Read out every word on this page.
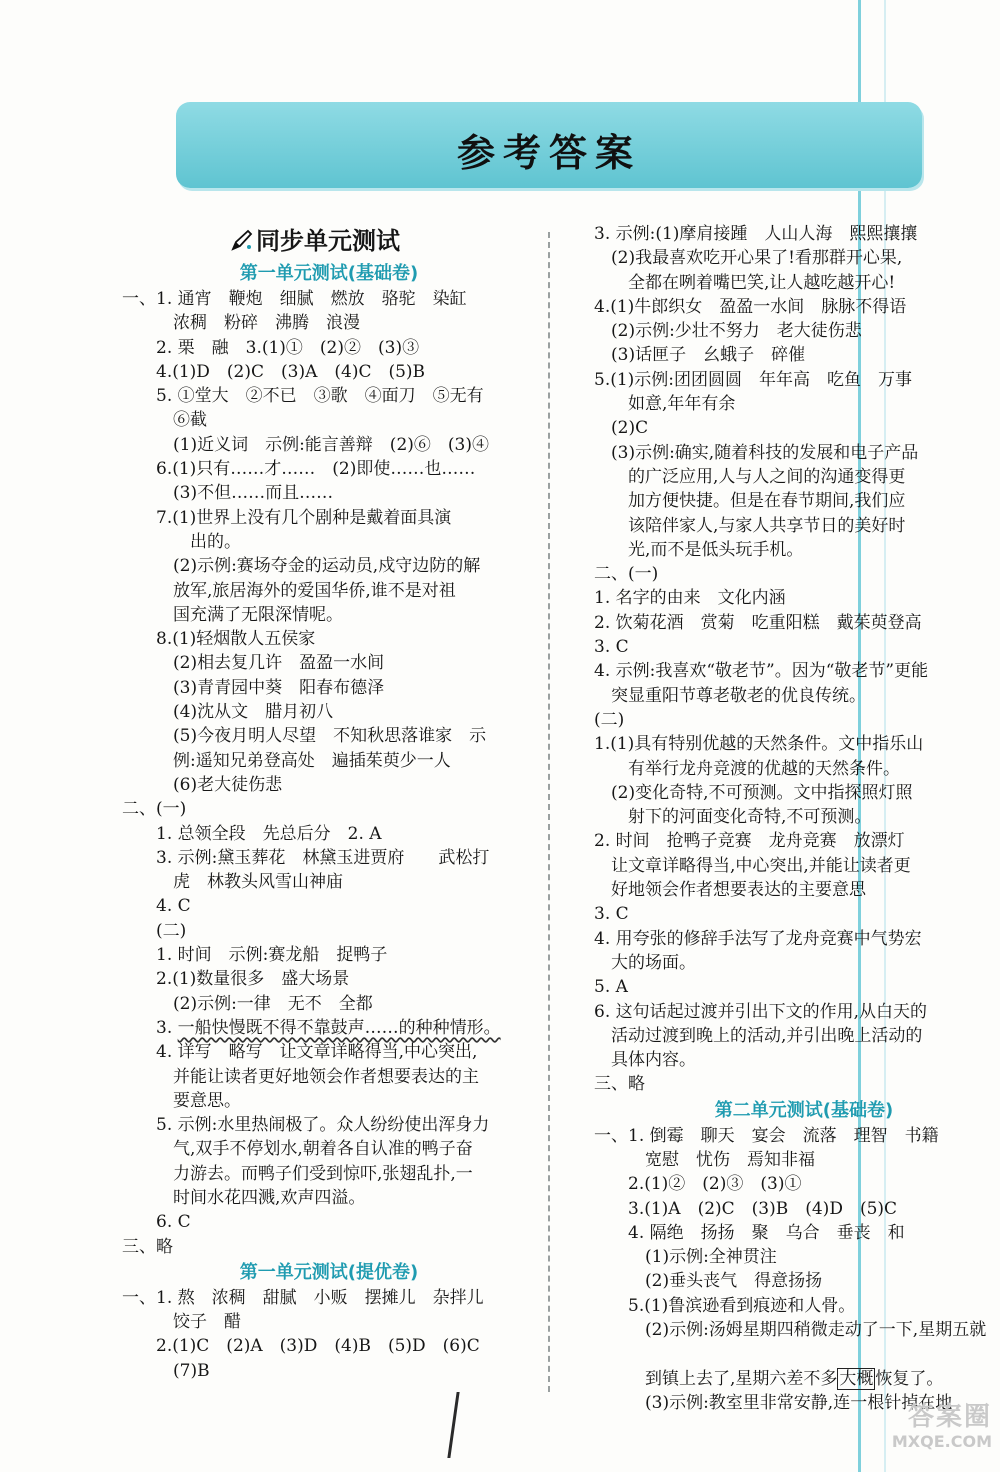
参考答案
同步单元测试
第一单元测试(基础卷)
一、1. 通宵　鞭炮　细腻　燃放　骆驼　染缸
　　　浓稠　粉碎　沸腾　浪漫
　　2. 栗　融　3.(1)①　(2)②　(3)③
　　4.(1)D　(2)C　(3)A　(4)C　(5)B
　　5. ①堂大　②不已　③歌　④面刀　⑤无有
　　　⑥截
　　　(1)近义词　示例:能言善辩　(2)⑥　(3)④
　　6.(1)只有……才……　(2)即使……也……
　　　(3)不但……而且……
　　7.(1)世界上没有几个剧种是戴着面具演
　　　　出的。
　　　(2)示例:赛场夺金的运动员,戍守边防的解
　　　放军,旅居海外的爱国华侨,谁不是对祖
　　　国充满了无限深情呢。
　　8.(1)轻烟散人五侯家
　　　(2)相去复几许　盈盈一水间
　　　(3)青青园中葵　阳春布德泽
　　　(4)沈从文　腊月初八
　　　(5)今夜月明人尽望　不知秋思落谁家　示
　　　例:遥知兄弟登高处　遍插茱萸少一人
　　　(6)老大徒伤悲
二、(一)
　　1. 总领全段　先总后分　2. A
　　3. 示例:黛玉葬花　林黛玉进贾府　　武松打
　　　虎　林教头风雪山神庙
　　4. C
　　(二)
　　1. 时间　示例:赛龙船　捉鸭子
　　2.(1)数量很多　盛大场景
　　　(2)示例:一律　无不　全都
　　3. 一船快慢既不得不靠鼓声……的种种情形。
　　4. 详写　略写　让文章详略得当,中心突出,
　　　并能让读者更好地领会作者想要表达的主
　　　要意思。
　　5. 示例:水里热闹极了。众人纷纷使出浑身力
　　　气,双手不停划水,朝着各自认准的鸭子奋
　　　力游去。而鸭子们受到惊吓,张翅乱扑,一
　　　时间水花四溅,欢声四溢。
　　6. C
三、略
第一单元测试(提优卷)
一、1. 熬　浓稠　甜腻　小贩　摆摊儿　杂拌儿
　　　饺子　醋
　　2.(1)C　(2)A　(3)D　(4)B　(5)D　(6)C
　　　(7)B
3. 示例:(1)摩肩接踵　人山人海　熙熙攘攘
　(2)我最喜欢吃开心果了!看那群开心果,
　　全都在咧着嘴巴笑,让人越吃越开心!
4.(1)牛郎织女　盈盈一水间　脉脉不得语
　(2)示例:少壮不努力　老大徒伤悲
　(3)话匣子　幺蛾子　碎催
5.(1)示例:团团圆圆　年年高　吃鱼　万事
　　如意,年年有余
　(2)C
　(3)示例:确实,随着科技的发展和电子产品
　　的广泛应用,人与人之间的沟通变得更
　　加方便快捷。但是在春节期间,我们应
　　该陪伴家人,与家人共享节日的美好时
　　光,而不是低头玩手机。
二、(一)
1. 名字的由来　文化内涵
2. 饮菊花酒　赏菊　吃重阳糕　戴茱萸登高
3. C
4. 示例:我喜欢“敬老节”。因为“敬老节”更能
　突显重阳节尊老敬老的优良传统。
(二)
1.(1)具有特别优越的天然条件。文中指乐山
　　有举行龙舟竞渡的优越的天然条件。
　(2)变化奇特,不可预测。文中指探照灯照
　　射下的河面变化奇特,不可预测。
2. 时间　抢鸭子竞赛　龙舟竞赛　放漂灯
　让文章详略得当,中心突出,并能让读者更
　好地领会作者想要表达的主要意思
3. C
4. 用夸张的修辞手法写了龙舟竞赛中气势宏
　大的场面。
5. A
6. 这句话起过渡并引出下文的作用,从白天的
　活动过渡到晚上的活动,并引出晚上活动的
　具体内容。
三、略
第二单元测试(基础卷)
一、1. 倒霉　聊天　宴会　流落　理智　书籍
　　　宽慰　忧伤　焉知非福
　　2.(1)②　(2)③　(3)①
　　3.(1)A　(2)C　(3)B　(4)D　(5)C
　　4. 隔绝　扬扬　聚　乌合　垂丧　和
　　　(1)示例:全神贯注
　　　(2)垂头丧气　得意扬扬
　　5.(1)鲁滨逊看到痕迹和人骨。
　　　(2)示例:汤姆星期四稍微走动了一下,星期五就
　　　到镇上去了,星期六差不多 大概 恢复了。
　　　(3)示例:教室里非常安静,连一根针掉在地
答案圈
MXQE.COM
